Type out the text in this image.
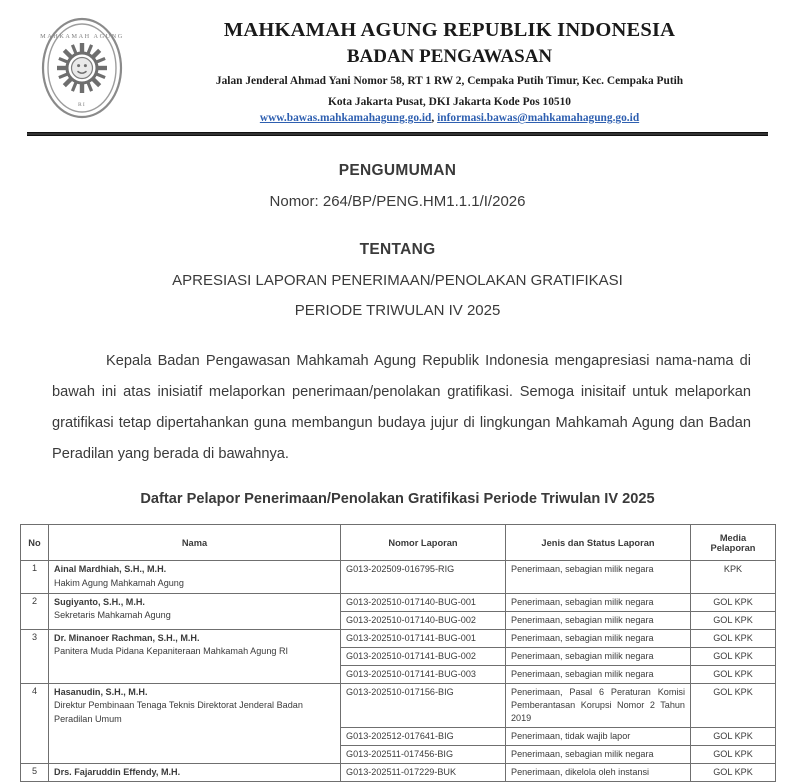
MAHKAMAH AGUNG
RI
MAHKAMAH AGUNG REPUBLIK INDONESIA
BADAN PENGAWASAN
Jalan Jenderal Ahmad Yani Nomor 58, RT 1 RW 2, Cempaka Putih Timur, Kec. Cempaka Putih
Kota Jakarta Pusat, DKI Jakarta Kode Pos 10510
www.bawas.mahkamahagung.go.id, informasi.bawas@mahkamahagung.go.id
PENGUMUMAN
Nomor: 264/BP/PENG.HM1.1.1/I/2026
TENTANG
APRESIASI LAPORAN PENERIMAAN/PENOLAKAN GRATIFIKASI
PERIODE TRIWULAN IV 2025
Kepala Badan Pengawasan Mahkamah Agung Republik Indonesia mengapresiasi nama-nama di bawah ini atas inisiatif melaporkan penerimaan/penolakan gratifikasi. Semoga inisitaif untuk melaporkan gratifikasi tetap dipertahankan guna membangun budaya jujur di lingkungan Mahkamah Agung dan Badan Peradilan yang berada di bawahnya.
Daftar Pelapor Penerimaan/Penolakan Gratifikasi Periode Triwulan IV 2025
No	Nama	Nomor Laporan	Jenis dan Status Laporan	Media
Pelaporan
1	Ainal Mardhiah, S.H., M.H.
Hakim Agung Mahkamah Agung	G013-202509-016795-RIG	Penerimaan, sebagian milik negara	KPK
2	Sugiyanto, S.H., M.H.
Sekretaris Mahkamah Agung	G013-202510-017140-BUG-001	Penerimaan, sebagian milik negara	GOL KPK
		G013-202510-017140-BUG-002	Penerimaan, sebagian milik negara	GOL KPK
3	Dr. Minanoer Rachman, S.H., M.H.
Panitera Muda Pidana Kepaniteraan Mahkamah Agung RI	G013-202510-017141-BUG-001	Penerimaan, sebagian milik negara	GOL KPK
		G013-202510-017141-BUG-002	Penerimaan, sebagian milik negara	GOL KPK
		G013-202510-017141-BUG-003	Penerimaan, sebagian milik negara	GOL KPK
4	Hasanudin, S.H., M.H.
Direktur Pembinaan Tenaga Teknis Direktorat Jenderal Badan Peradilan Umum	G013-202510-017156-BIG	Penerimaan, Pasal 6 Peraturan Komisi Pemberantasan Korupsi Nomor 2 Tahun 2019	GOL KPK
		G013-202512-017641-BIG	Penerimaan, tidak wajib lapor	GOL KPK
		G013-202511-017456-BIG	Penerimaan, sebagian milik negara	GOL KPK
5	Drs. Fajaruddin Effendy, M.H.	G013-202511-017229-BUK	Penerimaan, dikelola oleh instansi	GOL KPK
